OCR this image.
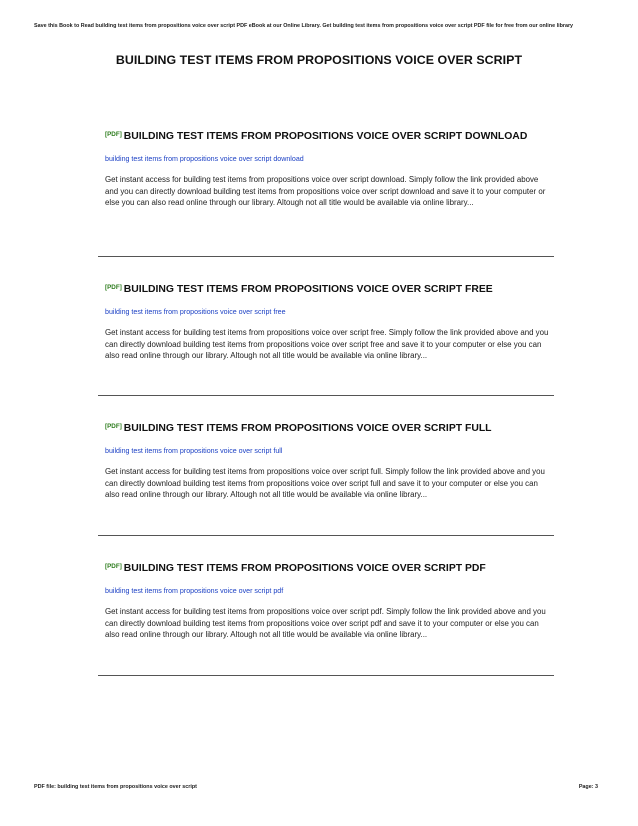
Save this Book to Read building test items from propositions voice over script PDF eBook at our Online Library. Get building test items from propositions voice over script PDF file for free from our online library
BUILDING TEST ITEMS FROM PROPOSITIONS VOICE OVER SCRIPT
[PDF] BUILDING TEST ITEMS FROM PROPOSITIONS VOICE OVER SCRIPT DOWNLOAD
building test items from propositions voice over script download
Get instant access for building test items from propositions voice over script download. Simply follow the link provided above and you can directly download building test items from propositions voice over script download and save it to your computer or else you can also read online through our library. Altough not all title would be available via online library...
[PDF] BUILDING TEST ITEMS FROM PROPOSITIONS VOICE OVER SCRIPT FREE
building test items from propositions voice over script free
Get instant access for building test items from propositions voice over script free. Simply follow the link provided above and you can directly download building test items from propositions voice over script free and save it to your computer or else you can also read online through our library. Altough not all title would be available via online library...
[PDF] BUILDING TEST ITEMS FROM PROPOSITIONS VOICE OVER SCRIPT FULL
building test items from propositions voice over script full
Get instant access for building test items from propositions voice over script full. Simply follow the link provided above and you can directly download building test items from propositions voice over script full and save it to your computer or else you can also read online through our library. Altough not all title would be available via online library...
[PDF] BUILDING TEST ITEMS FROM PROPOSITIONS VOICE OVER SCRIPT PDF
building test items from propositions voice over script pdf
Get instant access for building test items from propositions voice over script pdf. Simply follow the link provided above and you can directly download building test items from propositions voice over script pdf and save it to your computer or else you can also read online through our library. Altough not all title would be available via online library...
PDF file: building test items from propositions voice over script	Page: 3
